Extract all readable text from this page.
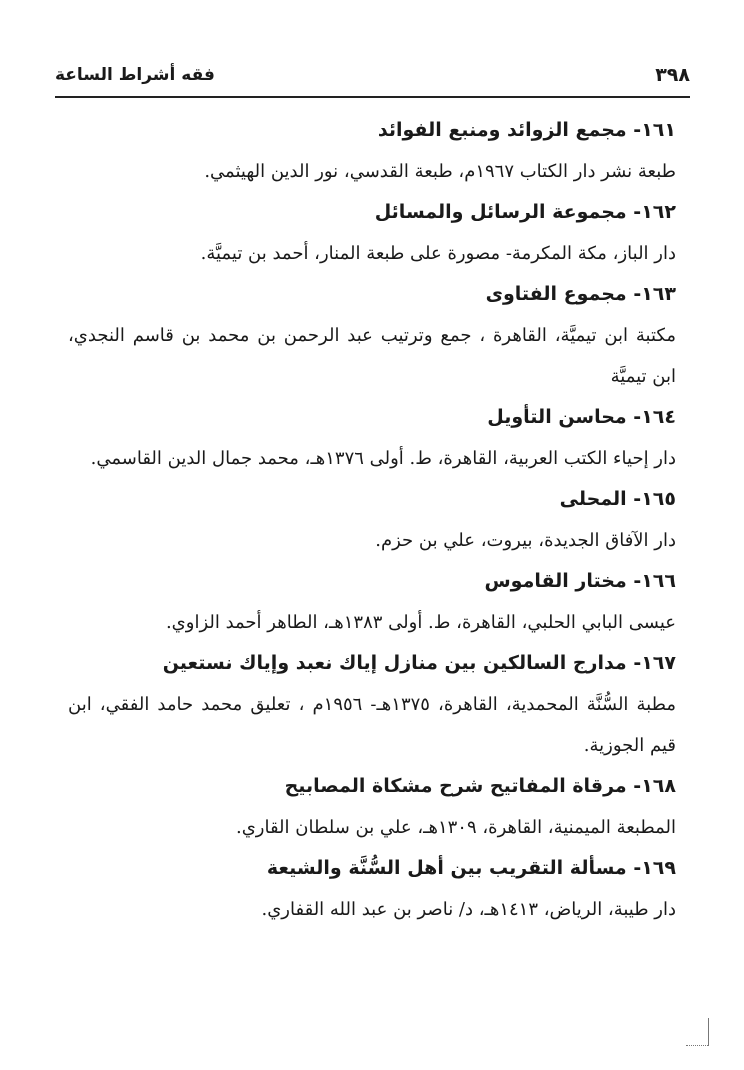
فقه أشراط الساعة	٣٩٨
١٦١- مجمع الزوائد ومنبع الفوائد
طبعة نشر دار الكتاب ١٩٦٧م، طبعة القدسي، نور الدين الهيثمي.
١٦٢- مجموعة الرسائل والمسائل
دار الباز، مكة المكرمة- مصورة على طبعة المنار، أحمد بن تيميَّة.
١٦٣- مجموع الفتاوى
مكتبة ابن تيميَّة، القاهرة ، جمع وترتيب عبد الرحمن بن محمد بن قاسم النجدي، ابن تيميَّة
١٦٤- محاسن التأويل
دار إحياء الكتب العربية، القاهرة، ط. أولى ١٣٧٦هـ، محمد جمال الدين القاسمي.
١٦٥- المحلى
دار الآفاق الجديدة، بيروت، علي بن حزم.
١٦٦- مختار القاموس
عيسى البابي الحلبي، القاهرة، ط. أولى ١٣٨٣هـ، الطاهر أحمد الزاوي.
١٦٧- مدارج السالكين بين منازل إياك نعبد وإياك نستعين
مطبة السُّنَّة المحمدية، القاهرة، ١٣٧٥هـ- ١٩٥٦م ، تعليق محمد حامد الفقي، ابن قيم الجوزية.
١٦٨- مرقاة المفاتيح شرح مشكاة المصابيح
المطبعة الميمنية، القاهرة، ١٣٠٩هـ، علي بن سلطان القاري.
١٦٩- مسألة التقريب بين أهل السُّنَّة والشيعة
دار طيبة، الرياض، ١٤١٣هـ، د/ ناصر بن عبد الله القفاري.
